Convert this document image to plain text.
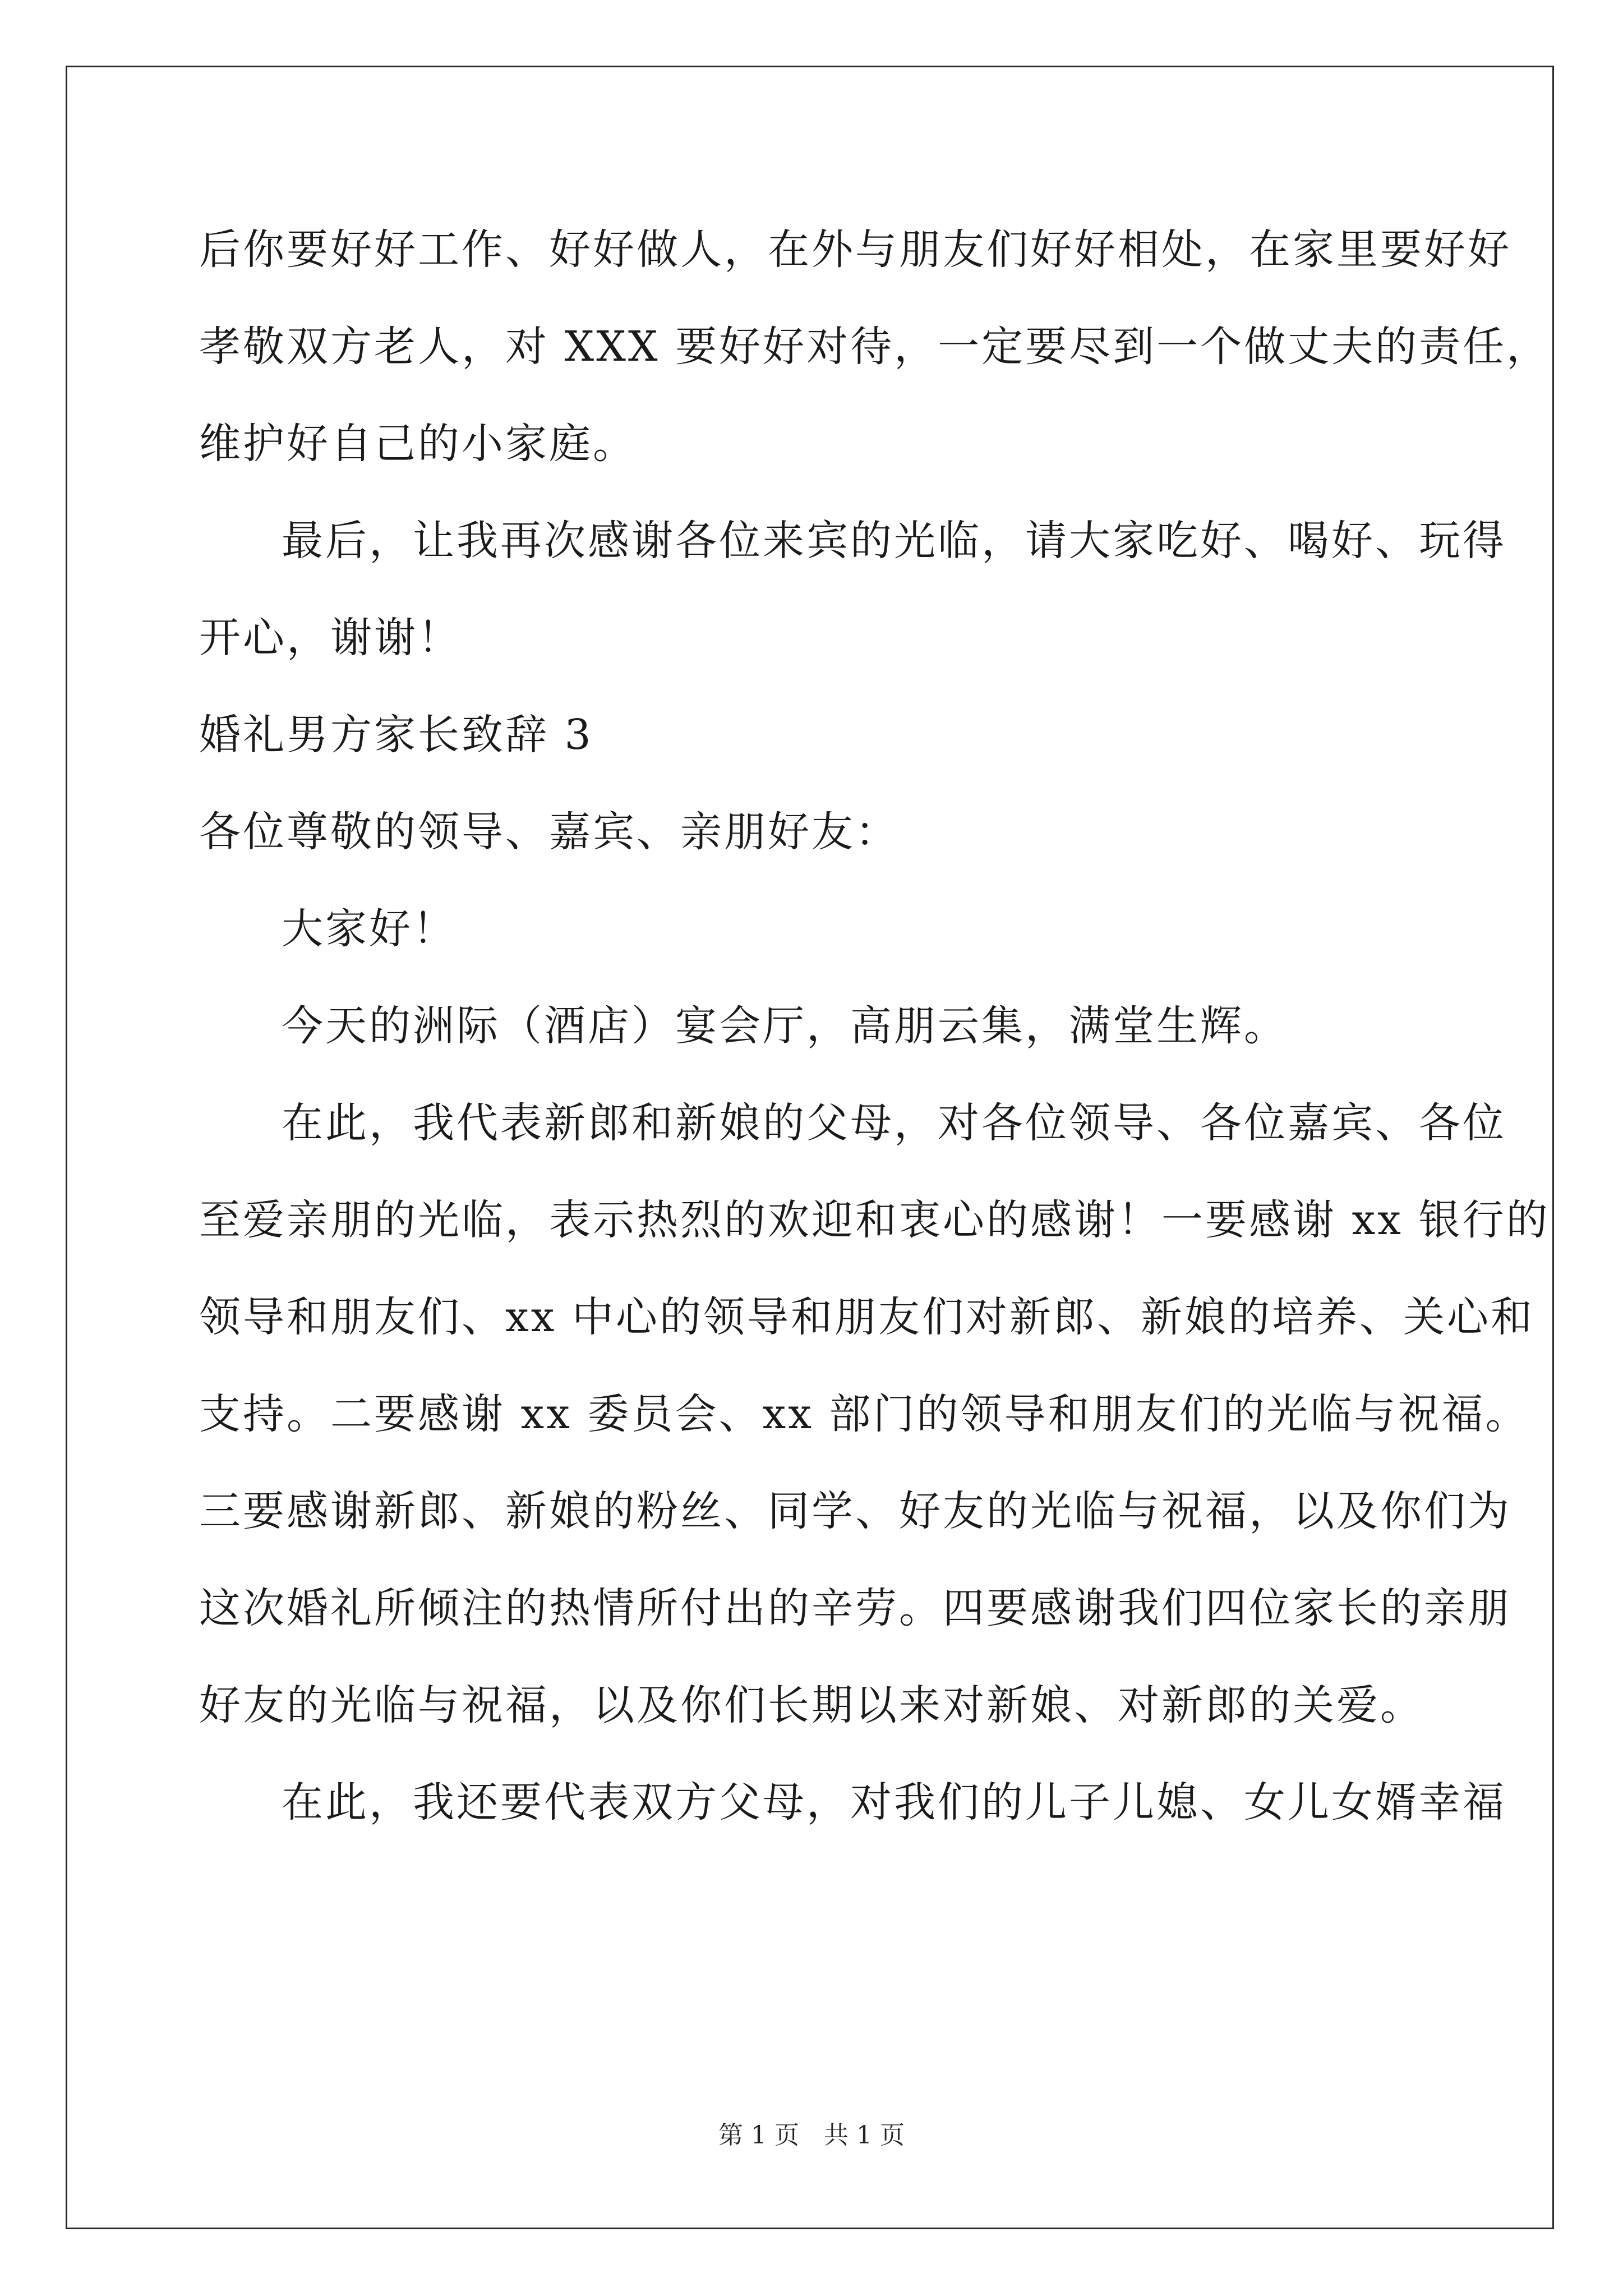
后你要好好工作、好好做人，在外与朋友们好好相处，在家里要好好
孝敬双方老人，对 XXX 要好好对待，一定要尽到一个做丈夫的责任，
维护好自己的小家庭。
最后，让我再次感谢各位来宾的光临，请大家吃好、喝好、玩得
开心，谢谢！
婚礼男方家长致辞 3
各位尊敬的领导、嘉宾、亲朋好友：
大家好！
今天的洲际（酒店）宴会厅，高朋云集，满堂生辉。
在此，我代表新郎和新娘的父母，对各位领导、各位嘉宾、各位
至爱亲朋的光临，表示热烈的欢迎和衷心的感谢！一要感谢 xx 银行的
领导和朋友们、xx 中心的领导和朋友们对新郎、新娘的培养、关心和
支持。二要感谢 xx 委员会、xx 部门的领导和朋友们的光临与祝福。
三要感谢新郎、新娘的粉丝、同学、好友的光临与祝福，以及你们为
这次婚礼所倾注的热情所付出的辛劳。四要感谢我们四位家长的亲朋
好友的光临与祝福，以及你们长期以来对新娘、对新郎的关爱。
在此，我还要代表双方父母，对我们的儿子儿媳、女儿女婿幸福
第 1 页　共 1 页
